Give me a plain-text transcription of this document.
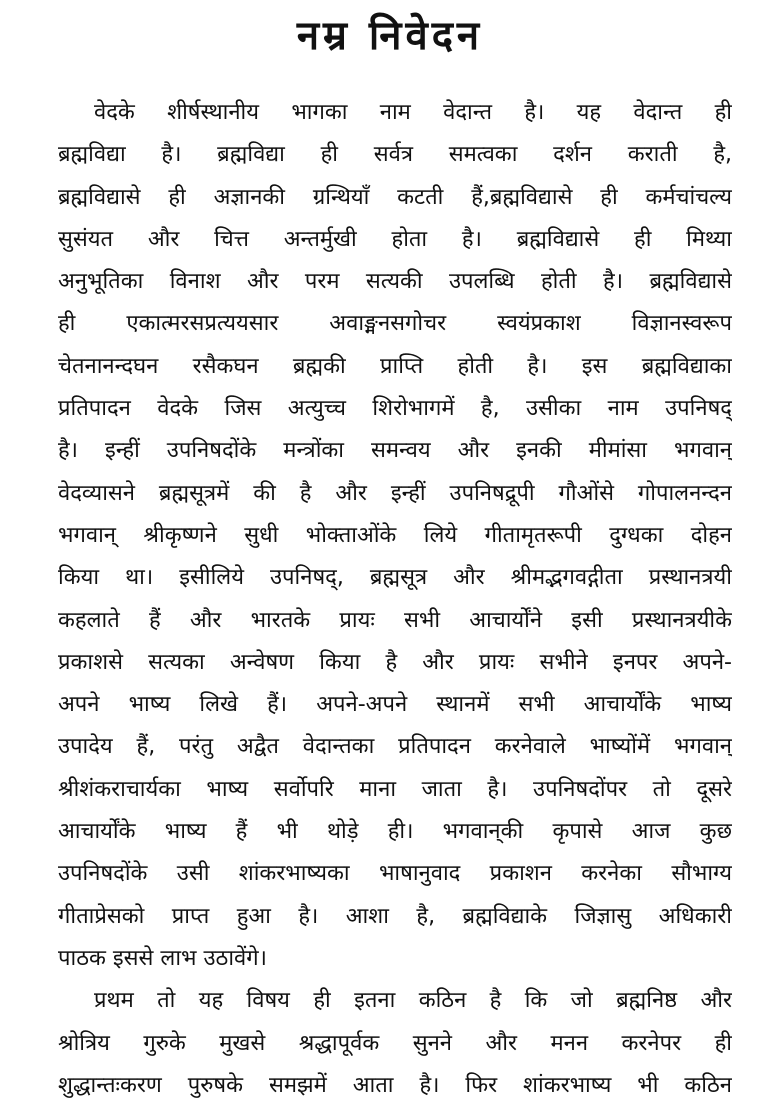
नम्र निवेदन
वेदके शीर्षस्थानीय भागका नाम वेदान्त है। यह वेदान्त ही
ब्रह्मविद्या है। ब्रह्मविद्या ही सर्वत्र समत्वका दर्शन कराती है,
ब्रह्मविद्यासे ही अज्ञानकी ग्रन्थियाँ कटती हैं,ब्रह्मविद्यासे ही कर्मचांचल्य
सुसंयत और चित्त अन्तर्मुखी होता है। ब्रह्मविद्यासे ही मिथ्या
अनुभूतिका विनाश और परम सत्यकी उपलब्धि होती है। ब्रह्मविद्यासे
ही एकात्मरसप्रत्ययसार अवाङ्मनसगोचर स्वयंप्रकाश विज्ञानस्वरूप
चेतनानन्दघन रसैकघन ब्रह्मकी प्राप्ति होती है। इस ब्रह्मविद्याका
प्रतिपादन वेदके जिस अत्युच्च शिरोभागमें है, उसीका नाम उपनिषद्
है। इन्हीं उपनिषदोंके मन्त्रोंका समन्वय और इनकी मीमांसा भगवान्
वेदव्यासने ब्रह्मसूत्रमें की है और इन्हीं उपनिषद्रूपी गौओंसे गोपालनन्दन
भगवान् श्रीकृष्णने सुधी भोक्ताओंके लिये गीतामृतरूपी दुग्धका दोहन
किया था। इसीलिये उपनिषद्, ब्रह्मसूत्र और श्रीमद्भगवद्गीता प्रस्थानत्रयी
कहलाते हैं और भारतके प्रायः सभी आचार्योंने इसी प्रस्थानत्रयीके
प्रकाशसे सत्यका अन्वेषण किया है और प्रायः सभीने इनपर अपने-
अपने भाष्य लिखे हैं। अपने-अपने स्थानमें सभी आचार्योंके भाष्य
उपादेय हैं, परंतु अद्वैत वेदान्तका प्रतिपादन करनेवाले भाष्योंमें भगवान्
श्रीशंकराचार्यका भाष्य सर्वोपरि माना जाता है। उपनिषदोंपर तो दूसरे
आचार्योंके भाष्य हैं भी थोड़े ही। भगवान्‌की कृपासे आज कुछ
उपनिषदोंके उसी शांकरभाष्यका भाषानुवाद प्रकाशन करनेका सौभाग्य
गीताप्रेसको प्राप्त हुआ है। आशा है, ब्रह्मविद्याके जिज्ञासु अधिकारी
पाठक इससे लाभ उठावेंगे।
प्रथम तो यह विषय ही इतना कठिन है कि जो ब्रह्मनिष्ठ और
श्रोत्रिय गुरुके मुखसे श्रद्धापूर्वक सुनने और मनन करनेपर ही
शुद्धान्तःकरण पुरुषके समझमें आता है। फिर शांकरभाष्य भी कठिन
